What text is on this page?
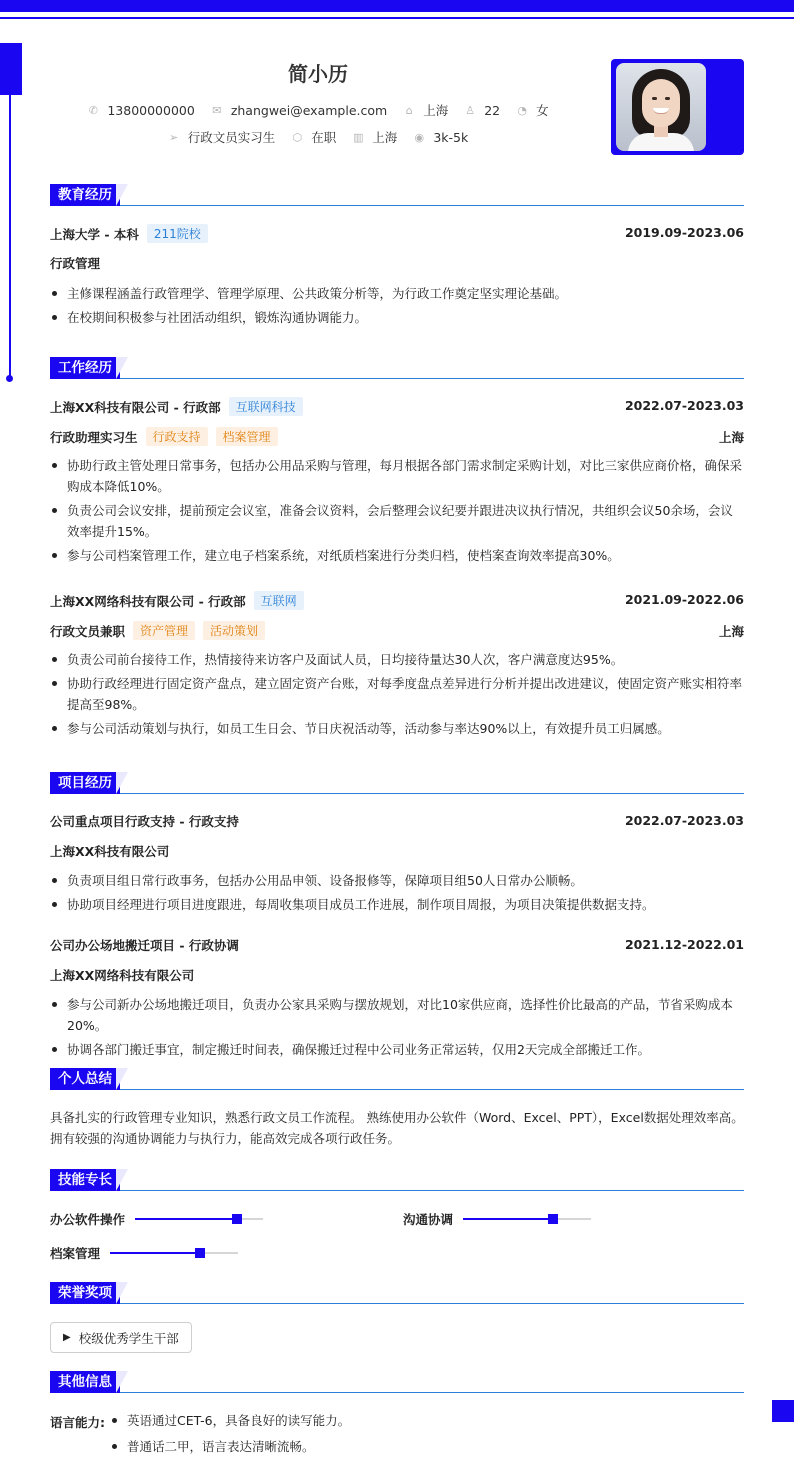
简小历
✆ 13800000000 ✉ zhangwei@example.com ⌂ 上海 ♙ 22 ◔ 女
➢ 行政文员实习生 ⬡ 在职 ▥ 上海 ◉ 3k-5k
教育经历
上海大学 - 本科	211院校	2019.09-2023.06
行政管理
主修课程涵盖行政管理学、管理学原理、公共政策分析等，为行政工作奠定坚实理论基础。
在校期间积极参与社团活动组织，锻炼沟通协调能力。
工作经历
上海XX科技有限公司 - 行政部	互联网科技	2022.07-2023.03
行政助理实习生	行政支持	档案管理	上海
协助行政主管处理日常事务，包括办公用品采购与管理，每月根据各部门需求制定采购计划，对比三家供应商价格，确保采购成本降低10%。
负责公司会议安排，提前预定会议室，准备会议资料，会后整理会议纪要并跟进决议执行情况，共组织会议50余场，会议效率提升15%。
参与公司档案管理工作，建立电子档案系统，对纸质档案进行分类归档，使档案查询效率提高30%。
上海XX网络科技有限公司 - 行政部	互联网	2021.09-2022.06
行政文员兼职	资产管理	活动策划	上海
负责公司前台接待工作，热情接待来访客户及面试人员，日均接待量达30人次，客户满意度达95%。
协助行政经理进行固定资产盘点，建立固定资产台账，对每季度盘点差异进行分析并提出改进建议，使固定资产账实相符率提高至98%。
参与公司活动策划与执行，如员工生日会、节日庆祝活动等，活动参与率达90%以上，有效提升员工归属感。
项目经历
公司重点项目行政支持 - 行政支持	2022.07-2023.03
上海XX科技有限公司
负责项目组日常行政事务，包括办公用品申领、设备报修等，保障项目组50人日常办公顺畅。
协助项目经理进行项目进度跟进，每周收集项目成员工作进展，制作项目周报，为项目决策提供数据支持。
公司办公场地搬迁项目 - 行政协调	2021.12-2022.01
上海XX网络科技有限公司
参与公司新办公场地搬迁项目，负责办公家具采购与摆放规划，对比10家供应商，选择性价比最高的产品，节省采购成本20%。
协调各部门搬迁事宜，制定搬迁时间表，确保搬迁过程中公司业务正常运转，仅用2天完成全部搬迁工作。
个人总结
具备扎实的行政管理专业知识，熟悉行政文员工作流程。 熟练使用办公软件（Word、Excel、PPT），Excel数据处理效率高。 拥有较强的沟通协调能力与执行力，能高效完成各项行政任务。
技能专长
办公软件操作	沟通协调
档案管理
荣誉奖项
▶ 校级优秀学生干部
其他信息
语言能力:	英语通过CET-6，具备良好的读写能力。
普通话二甲，语言表达清晰流畅。
